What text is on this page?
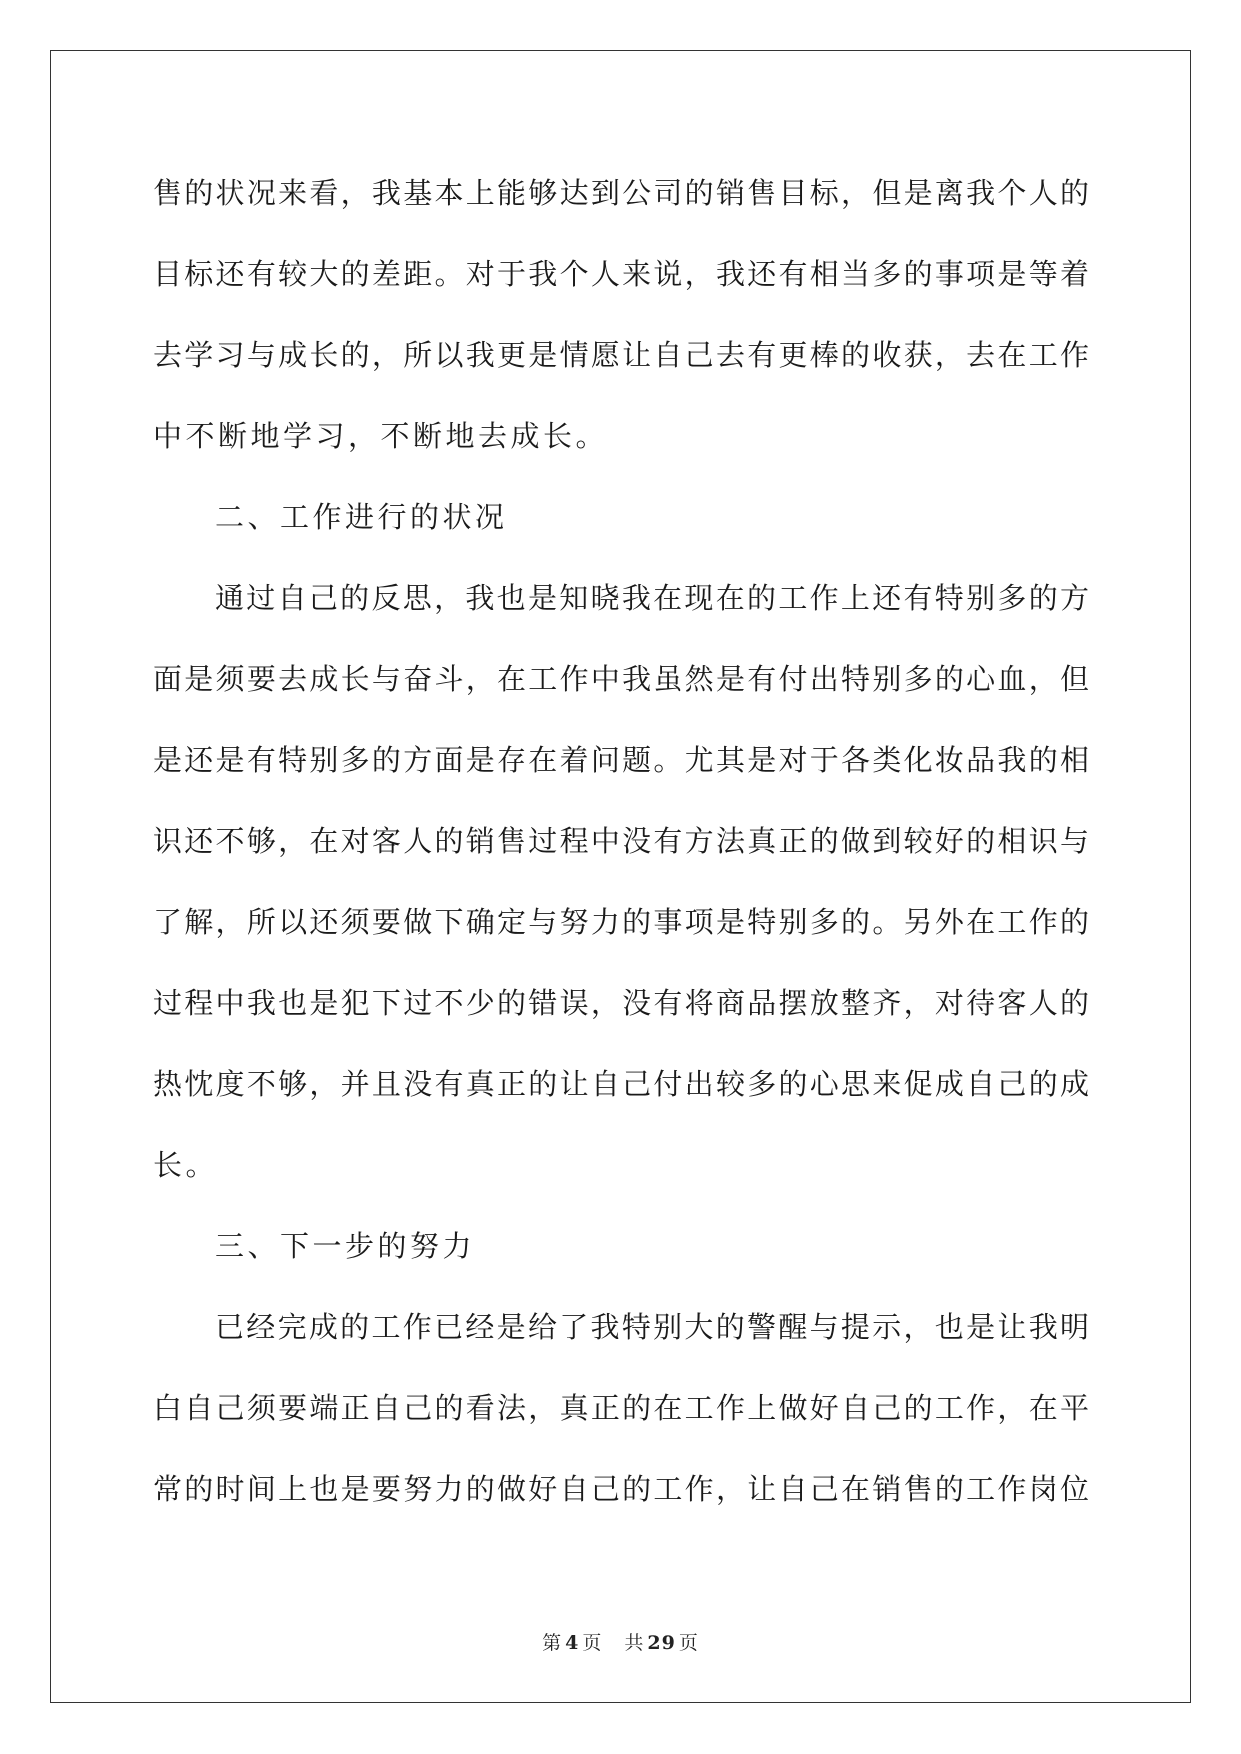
售的状况来看，我基本上能够达到公司的销售目标，但是离我个人的
目标还有较大的差距。对于我个人来说，我还有相当多的事项是等着
去学习与成长的，所以我更是情愿让自己去有更棒的收获，去在工作
中不断地学习，不断地去成长。
二、工作进行的状况
通过自己的反思，我也是知晓我在现在的工作上还有特别多的方
面是须要去成长与奋斗，在工作中我虽然是有付出特别多的心血，但
是还是有特别多的方面是存在着问题。尤其是对于各类化妆品我的相
识还不够，在对客人的销售过程中没有方法真正的做到较好的相识与
了解，所以还须要做下确定与努力的事项是特别多的。另外在工作的
过程中我也是犯下过不少的错误，没有将商品摆放整齐，对待客人的
热忱度不够，并且没有真正的让自己付出较多的心思来促成自己的成
长。
三、下一步的努力
已经完成的工作已经是给了我特别大的警醒与提示，也是让我明
白自己须要端正自己的看法，真正的在工作上做好自己的工作，在平
常的时间上也是要努力的做好自己的工作，让自己在销售的工作岗位
第 4 页 共 29 页
